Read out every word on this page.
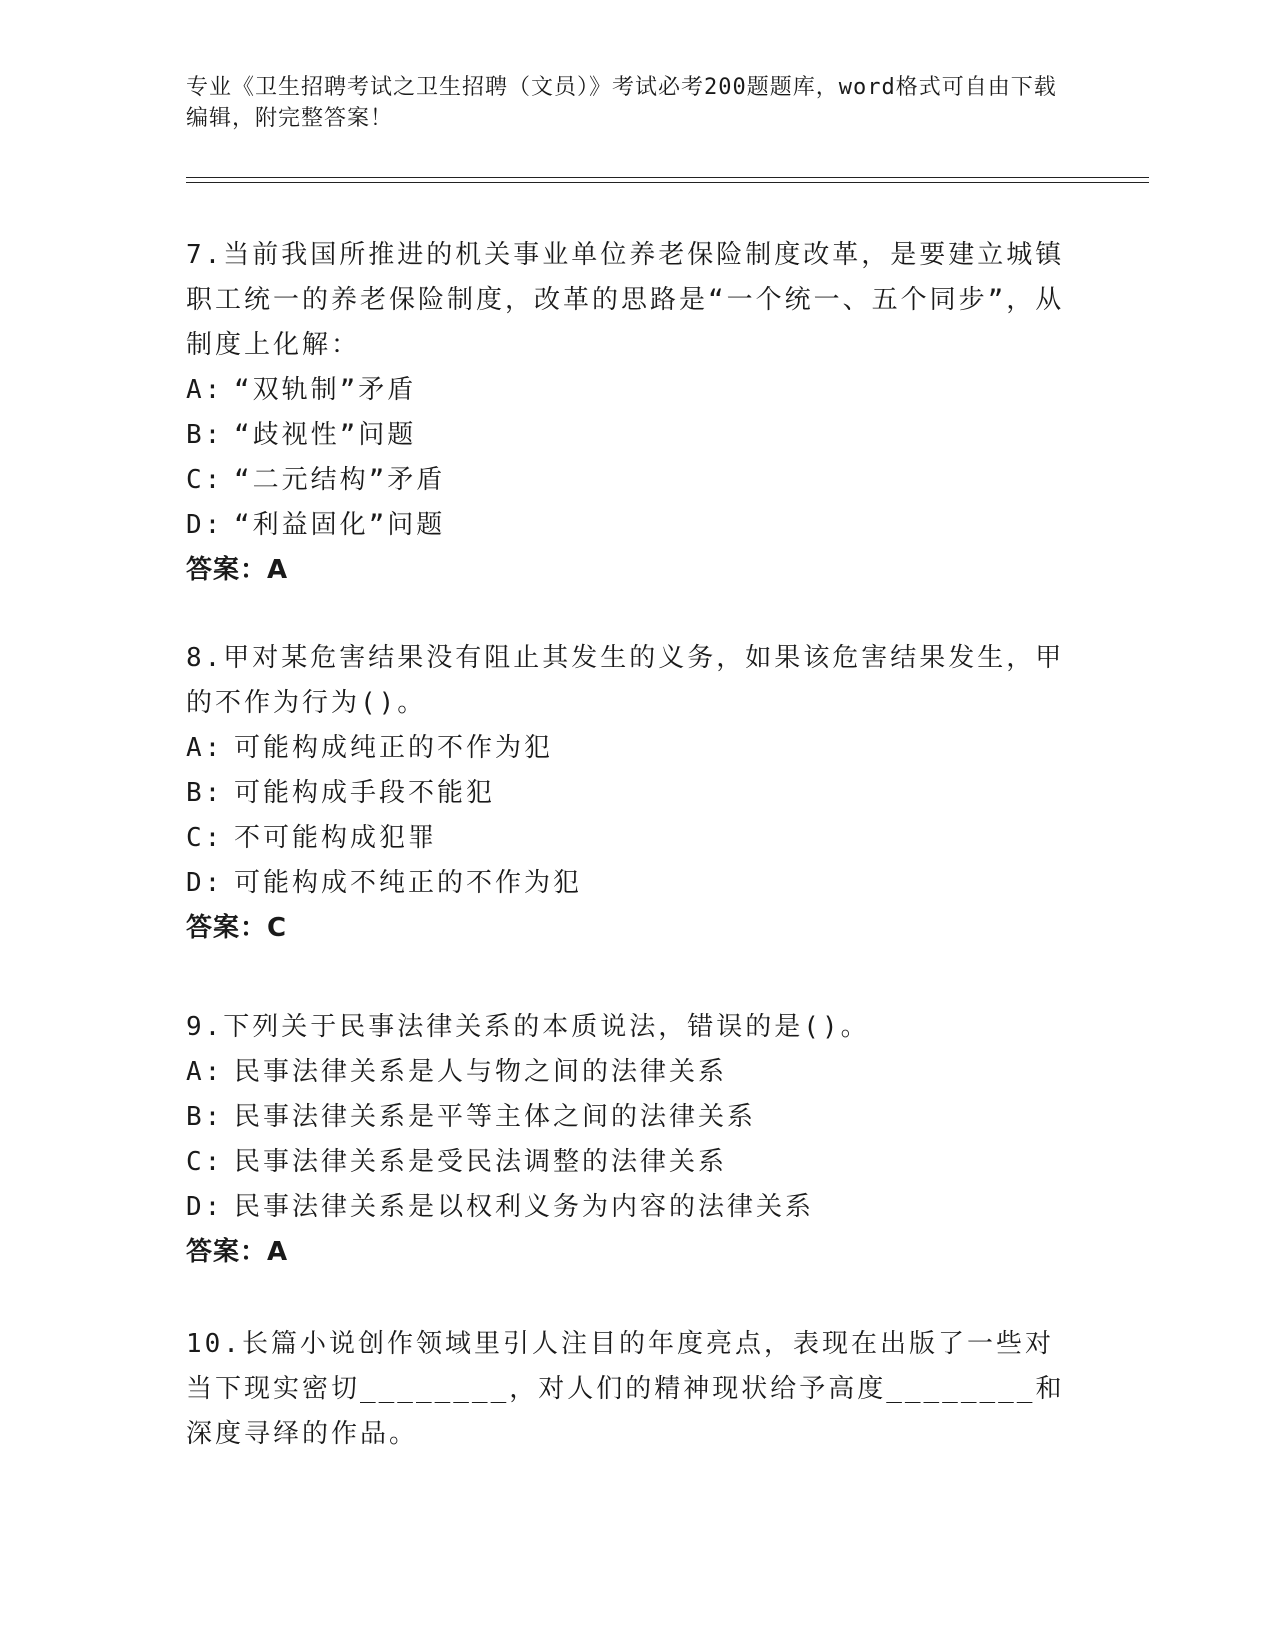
专业《卫生招聘考试之卫生招聘（文员）》考试必考200题题库，word格式可自由下载编辑，附完整答案！

7.当前我国所推进的机关事业单位养老保险制度改革，是要建立城镇职工统一的养老保险制度，改革的思路是“一个统一、五个同步”，从制度上化解：

A: “双轨制”矛盾

B: “歧视性”问题

C: “二元结构”矛盾

D: “利益固化”问题

答案：A

8.甲对某危害结果没有阻止其发生的义务，如果该危害结果发生，甲的不作为行为()。

A: 可能构成纯正的不作为犯

B: 可能构成手段不能犯

C: 不可能构成犯罪

D: 可能构成不纯正的不作为犯

答案：C

9.下列关于民事法律关系的本质说法，错误的是()。

A: 民事法律关系是人与物之间的法律关系

B: 民事法律关系是平等主体之间的法律关系

C: 民事法律关系是受民法调整的法律关系

D: 民事法律关系是以权利义务为内容的法律关系

答案：A

10.长篇小说创作领域里引人注目的年度亮点，表现在出版了一些对当下现实密切________，对人们的精神现状给予高度________和深度寻绎的作品。
